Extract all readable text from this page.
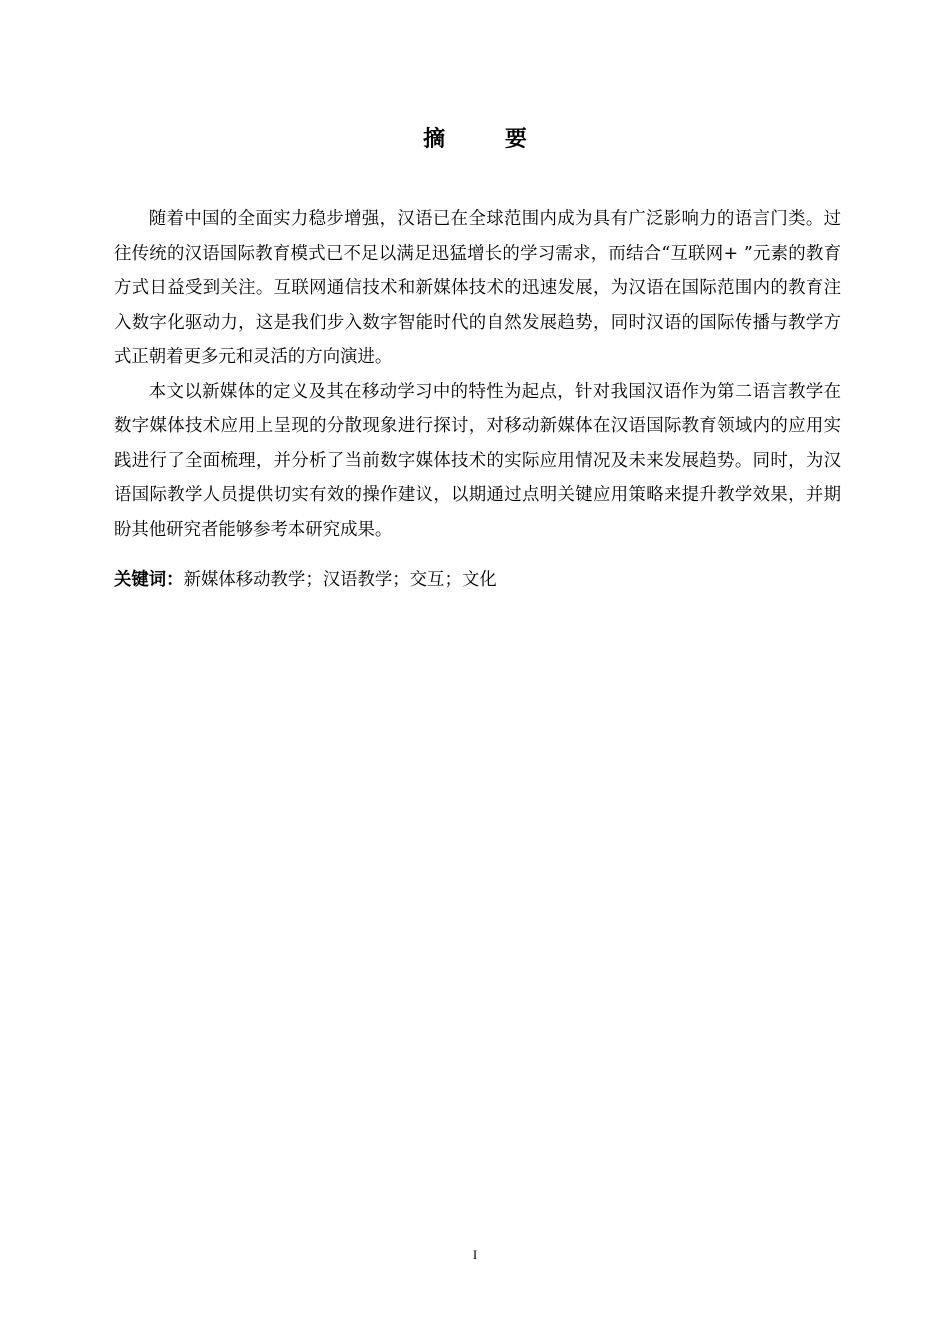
摘 要

随着中国的全面实力稳步增强，汉语已在全球范围内成为具有广泛影响力的语言门类。过往传统的汉语国际教育模式已不足以满足迅猛增长的学习需求，而结合“互联网+ ”元素的教育方式日益受到关注。互联网通信技术和新媒体技术的迅速发展，为汉语在国际范围内的教育注入数字化驱动力，这是我们步入数字智能时代的自然发展趋势，同时汉语的国际传播与教学方式正朝着更多元和灵活的方向演进。

本文以新媒体的定义及其在移动学习中的特性为起点，针对我国汉语作为第二语言教学在数字媒体技术应用上呈现的分散现象进行探讨，对移动新媒体在汉语国际教育领域内的应用实践进行了全面梳理，并分析了当前数字媒体技术的实际应用情况及未来发展趋势。同时，为汉语国际教学人员提供切实有效的操作建议，以期通过点明关键应用策略来提升教学效果，并期盼其他研究者能够参考本研究成果。

关键词：新媒体移动教学；汉语教学；交互；文化
I
